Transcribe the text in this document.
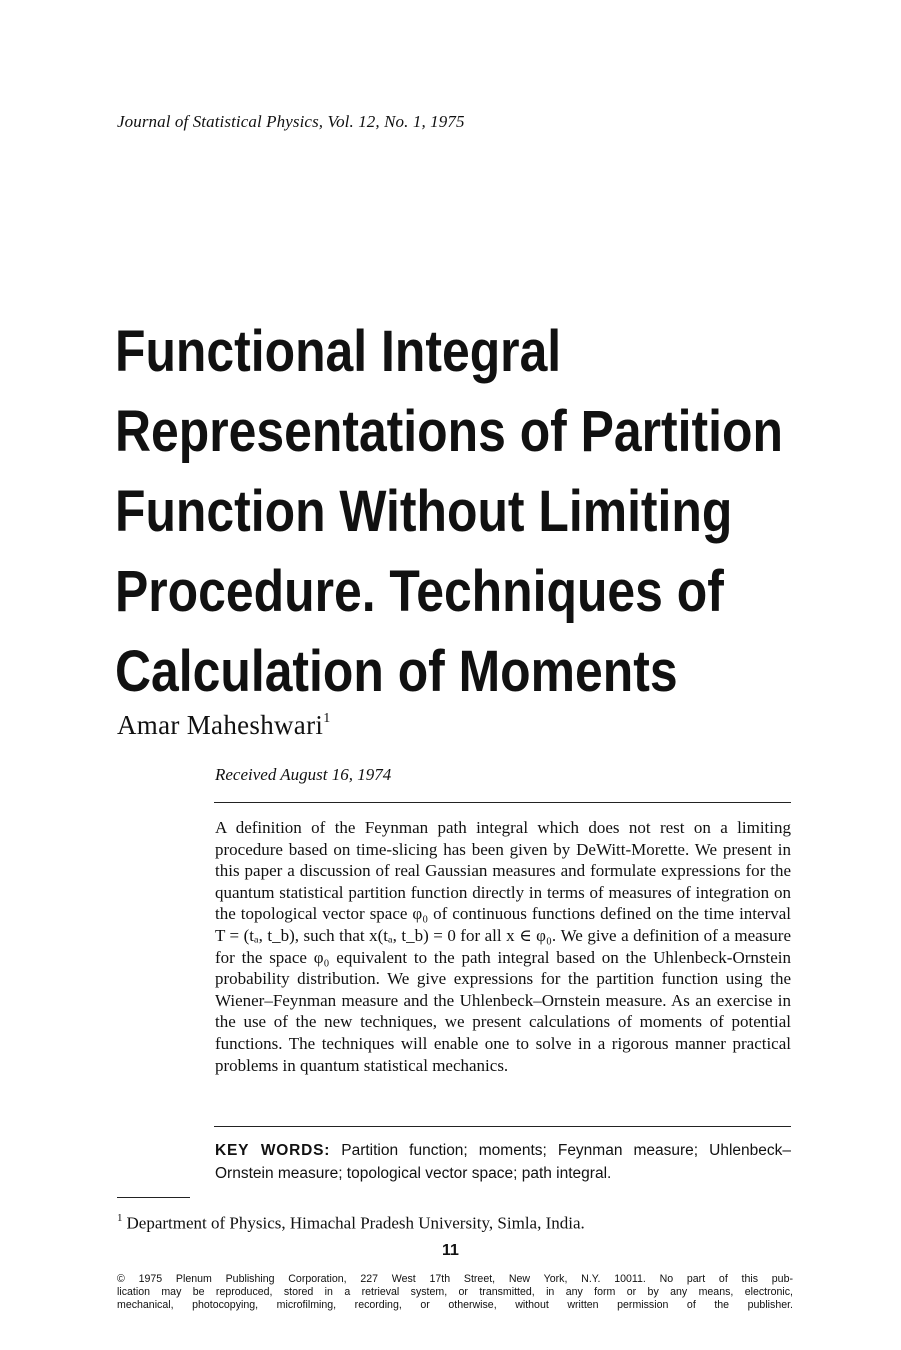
Journal of Statistical Physics, Vol. 12, No. 1, 1975
Functional Integral
Representations of Partition
Function Without Limiting
Procedure. Techniques of
Calculation of Moments
Amar Maheshwari$^1$
Received August 16, 1974
A definition of the Feynman path integral which does not rest on a limiting procedure based on time-slicing has been given by DeWitt-Morette. We present in this paper a discussion of real Gaussian measures and formulate expressions for the quantum statistical partition function directly in terms of measures of integration on the topological vector space φ₀ of continuous functions defined on the time interval T = (tₐ, t_b), such that x(tₐ, t_b) = 0 for all x ∈ φ₀. We give a definition of a measure for the space φ₀ equivalent to the path integral based on the Uhlenbeck-Ornstein probability distribution. We give expressions for the partition function using the Wiener–Feynman measure and the Uhlenbeck–Ornstein measure. As an exercise in the use of the new techniques, we present calculations of moments of potential functions. The techniques will enable one to solve in a rigorous manner practical problems in quantum statistical mechanics.
KEY WORDS: Partition function; moments; Feynman measure; Uhlenbeck–Ornstein measure; topological vector space; path integral.
$^1$ Department of Physics, Himachal Pradesh University, Simla, India.
11
© 1975 Plenum Publishing Corporation, 227 West 17th Street, New York, N.Y. 10011. No part of this pub-
lication may be reproduced, stored in a retrieval system, or transmitted, in any form or by any means, electronic,
mechanical, photocopying, microfilming, recording, or otherwise, without written permission of the publisher.
